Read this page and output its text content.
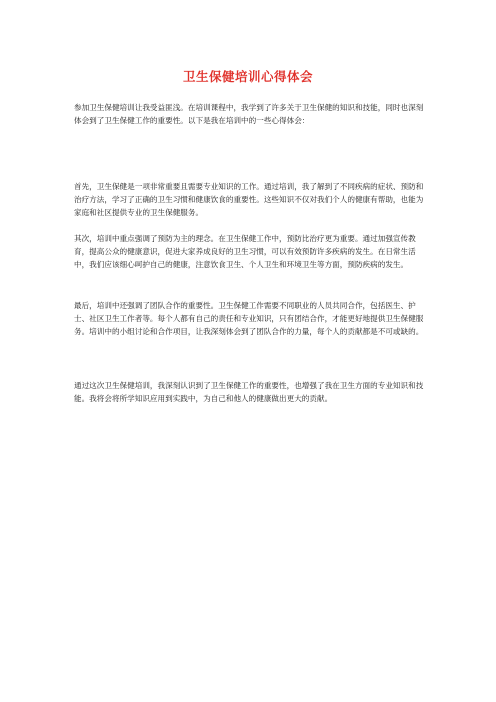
卫生保健培训心得体会

参加卫生保健培训让我受益匪浅。在培训课程中，我学到了许多关于卫生保健的知识和技能，同时也深刻体会到了卫生保健工作的重要性。以下是我在培训中的一些心得体会：

首先，卫生保健是一项非常重要且需要专业知识的工作。通过培训，我了解到了不同疾病的症状、预防和治疗方法，学习了正确的卫生习惯和健康饮食的重要性。这些知识不仅对我们个人的健康有帮助，也能为家庭和社区提供专业的卫生保健服务。

其次，培训中重点强调了预防为主的理念。在卫生保健工作中，预防比治疗更为重要。通过加强宣传教育，提高公众的健康意识，促进大家养成良好的卫生习惯，可以有效预防许多疾病的发生。在日常生活中，我们应该细心呵护自己的健康，注意饮食卫生、个人卫生和环境卫生等方面，预防疾病的发生。

最后，培训中还强调了团队合作的重要性。卫生保健工作需要不同职业的人员共同合作，包括医生、护士、社区卫生工作者等。每个人都有自己的责任和专业知识，只有团结合作，才能更好地提供卫生保健服务。培训中的小组讨论和合作项目，让我深刻体会到了团队合作的力量，每个人的贡献都是不可或缺的。

通过这次卫生保健培训，我深刻认识到了卫生保健工作的重要性，也增强了我在卫生方面的专业知识和技能。我将会将所学知识应用到实践中，为自己和他人的健康做出更大的贡献。
